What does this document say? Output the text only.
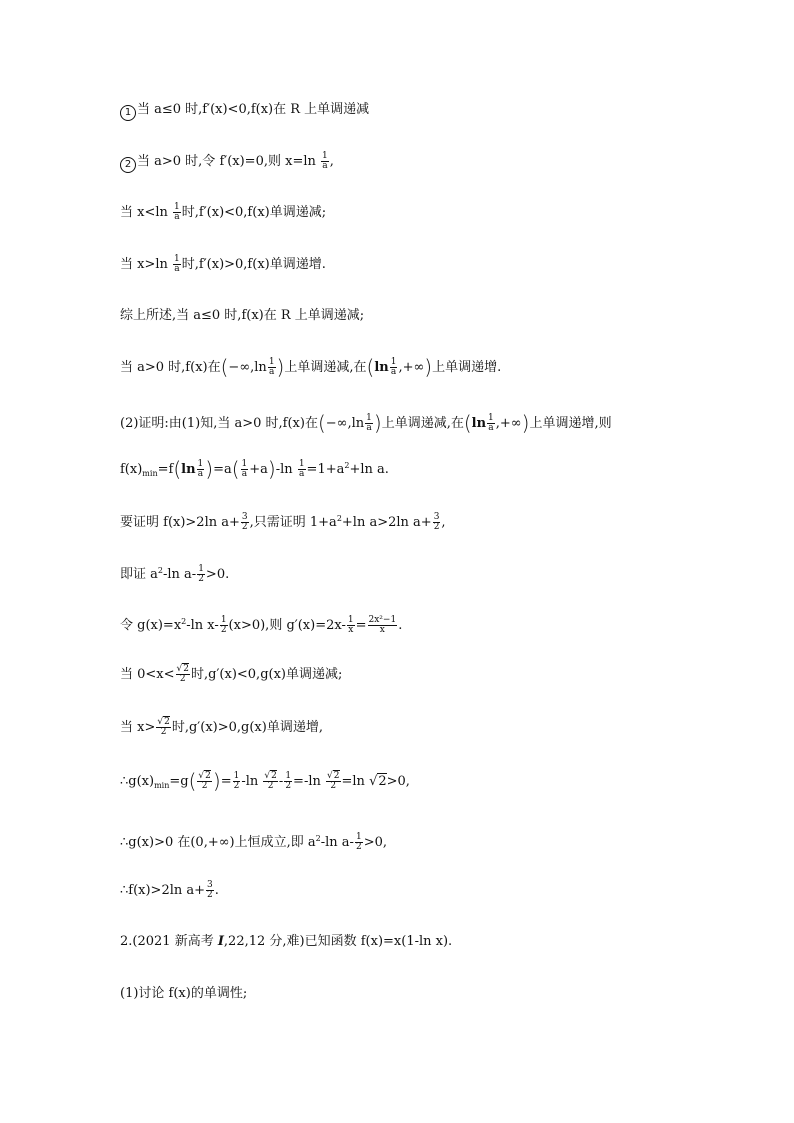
1 当 a≤0 时,f′(x)<0,f(x)在 R 上单调递减
2 当 a>0 时,令 f′(x)=0,则 $x=\ln \frac{1}{a}$ ,
当 $x<\ln \frac{1}{a}$ 时,f′(x)<0,f(x)单调递减;
当 $x>\ln \frac{1}{a}$ 时,f′(x)>0,f(x)单调递增.
综上所述,当 a≤0 时,f(x)在 R 上单调递减;
当 a>0 时,f(x)在($-\infty,\ln \frac{1}{a}$ )上单调递减,在($\ln \frac{1}{a}$ ,+∞)上单调递增.
(2)证明:由(1)知,当 a>0 时,f(x)在($-\infty,\ln \frac{1}{a}$ )上单调递减,在($\ln \frac{1}{a}$ ,+∞)上单调递增,则
$f(x)_{min}=f(\ln \frac{1}{a} )=a( \frac{1}{a} +a)-\ln \frac{1}{a} =1+a^2+\ln$ a.
要证明 f(x)>2ln $a+ \frac{3}{2}$ ,只需证明 $1+a^2+\ln$ a>2ln $a+ \frac{3}{2}$ ,
即证 $a^2-\ln$ $a- \frac{1}{2} >0$.
令 $g(x)=x^2-\ln$ $x- \frac{1}{2} (x>0)$,则 $g'(x)=2x- \frac{1}{x} = \frac{\text{2x²−1}}{x}$ .
当 $0<x< \frac{√2}{2}$ 时,g′(x)<0,g(x)单调递减;
当 $x> \frac{√2}{2}$ 时,g′(x)>0,g(x)单调递增,
$\therefore g(x)_{min}=g( \frac{√2}{2}$ )= $\frac{1}{2} -\ln \frac{√2}{2} - \frac{1}{2} =-\ln \frac{√2}{2} =\ln$ √2>0,
∴g(x)>0 在(0,+∞)上恒成立,即 $a^2-\ln$ $a- \frac{1}{2} >0$,
∴f(x)>2ln $a+ \frac{3}{2}$ .
2.(2021 新高考 Ⅰ,22,12 分,难)已知函数 f(x)=x(1-ln x).
(1)讨论 f(x)的单调性;
